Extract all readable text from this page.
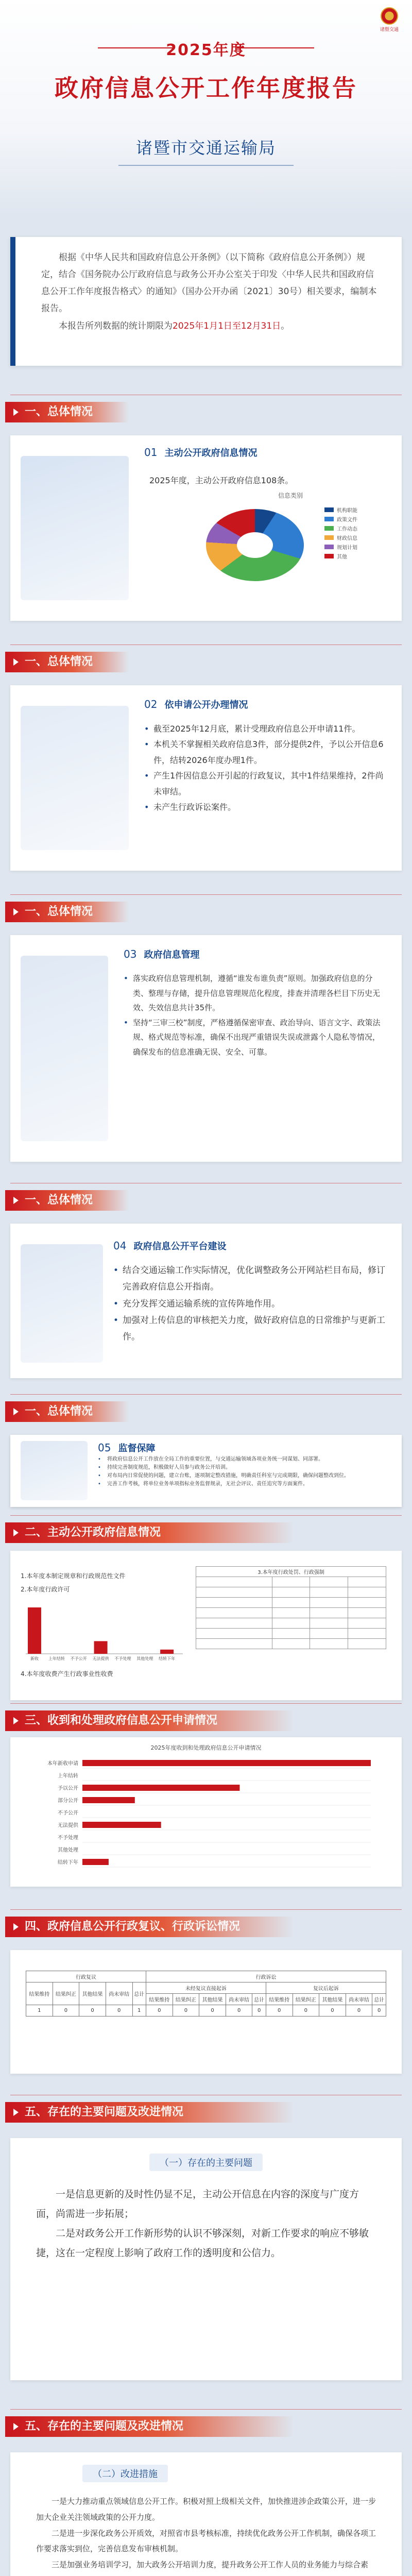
诸暨交通
2025年度
政府信息公开工作年度报告
诸暨市交通运输局

根据《中华人民共和国政府信息公开条例》（以下简称《政府信息公开条例》）规定，结合《国务院办公厅政府信息与政务公开办公室关于印发〈中华人民共和国政府信息公开工作年度报告格式〉的通知》（国办公开办函〔2021〕30号）相关要求，编制本报告。

本报告所列数据的统计期限为2025年1月1日至12月31日。

一、总体情况
01 主动公开政府信息情况
2025年度，主动公开政府信息108条。
信息类别
机构职能
政策文件
工作动态
财政信息
规划计划
其他
一、总体情况
02 依申请公开办理情况
• 截至2025年12月底，累计受理政府信息公开申请11件。
• 本机关不掌握相关政府信息3件，部分提供2件，予以公开信息6件，结转2026年度办理1件。
• 产生1件因信息公开引起的行政复议，其中1件结果维持，2件尚未审结。
• 未产生行政诉讼案件。
一、总体情况
03 政府信息管理
• 落实政府信息管理机制，遵循“谁发布谁负责”原则。加强政府信息的分类、整理与存储，提升信息管理规范化程度，排查并清理各栏目下历史无效、失效信息共计35件。
• 坚持“三审三校”制度，严格遵循保密审查、政治导向、语言文字、政策法规、格式规范等标准，确保不出现严重错误失误或泄露个人隐私等情况，确保发布的信息准确无误、安全、可靠。
一、总体情况
04 政府信息公开平台建设
• 结合交通运输工作实际情况，优化调整政务公开网站栏目布局，修订完善政府信息公开指南。
• 充分发挥交通运输系统的宣传阵地作用。
• 加强对上传信息的审核把关力度，做好政府信息的日常维护与更新工作。
一、总体情况
二、主动公开政府信息情况
1.本年度本制定规章和行政规范性文件
2.本年度行政许可
4.本年度收费产生行政事业性收费
新收 上年结转 不予公开 无法提供 不予处理 其他处理 结转下年
3.本年度行政处罚、行政强制			

三、收到和处理政府信息公开申请情况
2025年度收到和处理政府信息公开申请情况
本年新收申请
上年结转
予以公开
部分公开
不予公开
无法提供
不予处理
其他处理
结转下年
四、政府信息公开行政复议、行政诉讼情况
行政复议					行政诉讼									
结果维持	结果纠正	其他结果	尚未审结	总计	未经复议直接起诉					复议后起诉				
					结果维持	结果纠正	其他结果	尚未审结	总计	结果维持	结果纠正	其他结果	尚未审结	总计
1	0	0	0	1	0	0	0	0	0	0	0	0	0	0
五、存在的主要问题及改进情况
（一）存在的主要问题

一是信息更新的及时性仍显不足，主动公开信息在内容的深度与广度方面，尚需进一步拓展；

二是对政务公开工作新形势的认识不够深刻，对新工作要求的响应不够敏捷，这在一定程度上影响了政府工作的透明度和公信力。

五、存在的主要问题及改进情况
（二）改进措施

一是大力推动重点领域信息公开工作。积极对照上级相关文件，加快推进涉企政策公开，进一步加大企业关注领域政策的公开力度。

二是进一步深化政务公开质效，对照省市县考核标准，持续优化政务公开工作机制，确保各项工作要求落实到位，完善信息发布审核机制。

三是加强业务培训学习，加大政务公开培训力度，提升政务公开工作人员的业务能力与综合素

05 监督保障
• 将政府信息公开工作放在全局工作的重要位置，与交通运输领域各项业务统一同谋划、同部署。
• 持续完善制度规范，积极做好人员参与政务公开培训。
• 对布局内日常促使的问题，建立台账，逐项制定整改措施，明确责任科室与完成期限，确保问题整改到位。
• 完善工作考核，将单位业务单项指标业务监督规录，无社会评议、责任追究等方面案件。
